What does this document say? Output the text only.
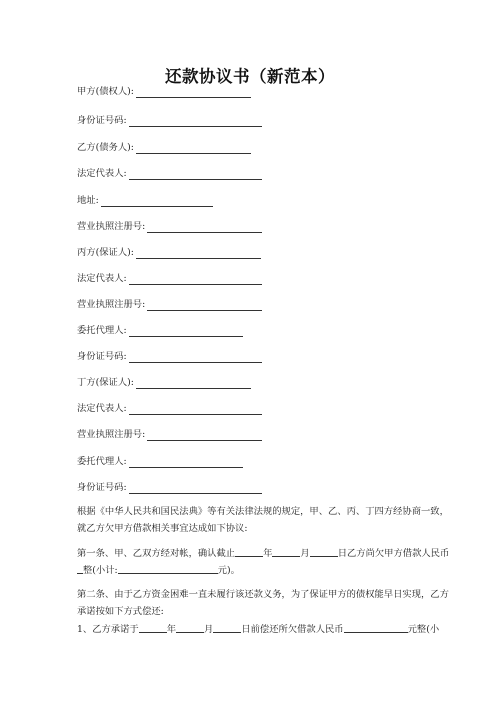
还款协议书（新范本）
甲方(债权人):
身份证号码:
乙方(债务人):
法定代表人:
地址:
营业执照注册号:
丙方(保证人):
法定代表人:
营业执照注册号:
委托代理人:
身份证号码:
丁方(保证人):
法定代表人:
营业执照注册号:
委托代理人:
身份证号码:
根据《中华人民共和国民法典》等有关法律法规的规定，甲、乙、丙、丁四方经协商一致，
就乙方欠甲方借款相关事宜达成如下协议:
第一条、甲、乙双方经对帐，确认截止	年	月	日乙方尚欠甲方借款人民币
整(小计:	元)。
第二条、由于乙方资金困难一直未履行该还款义务，为了保证甲方的债权能早日实现，乙方
承诺按如下方式偿还:
1、乙方承诺于	年	月	日前偿还所欠借款人民币	元整(小
